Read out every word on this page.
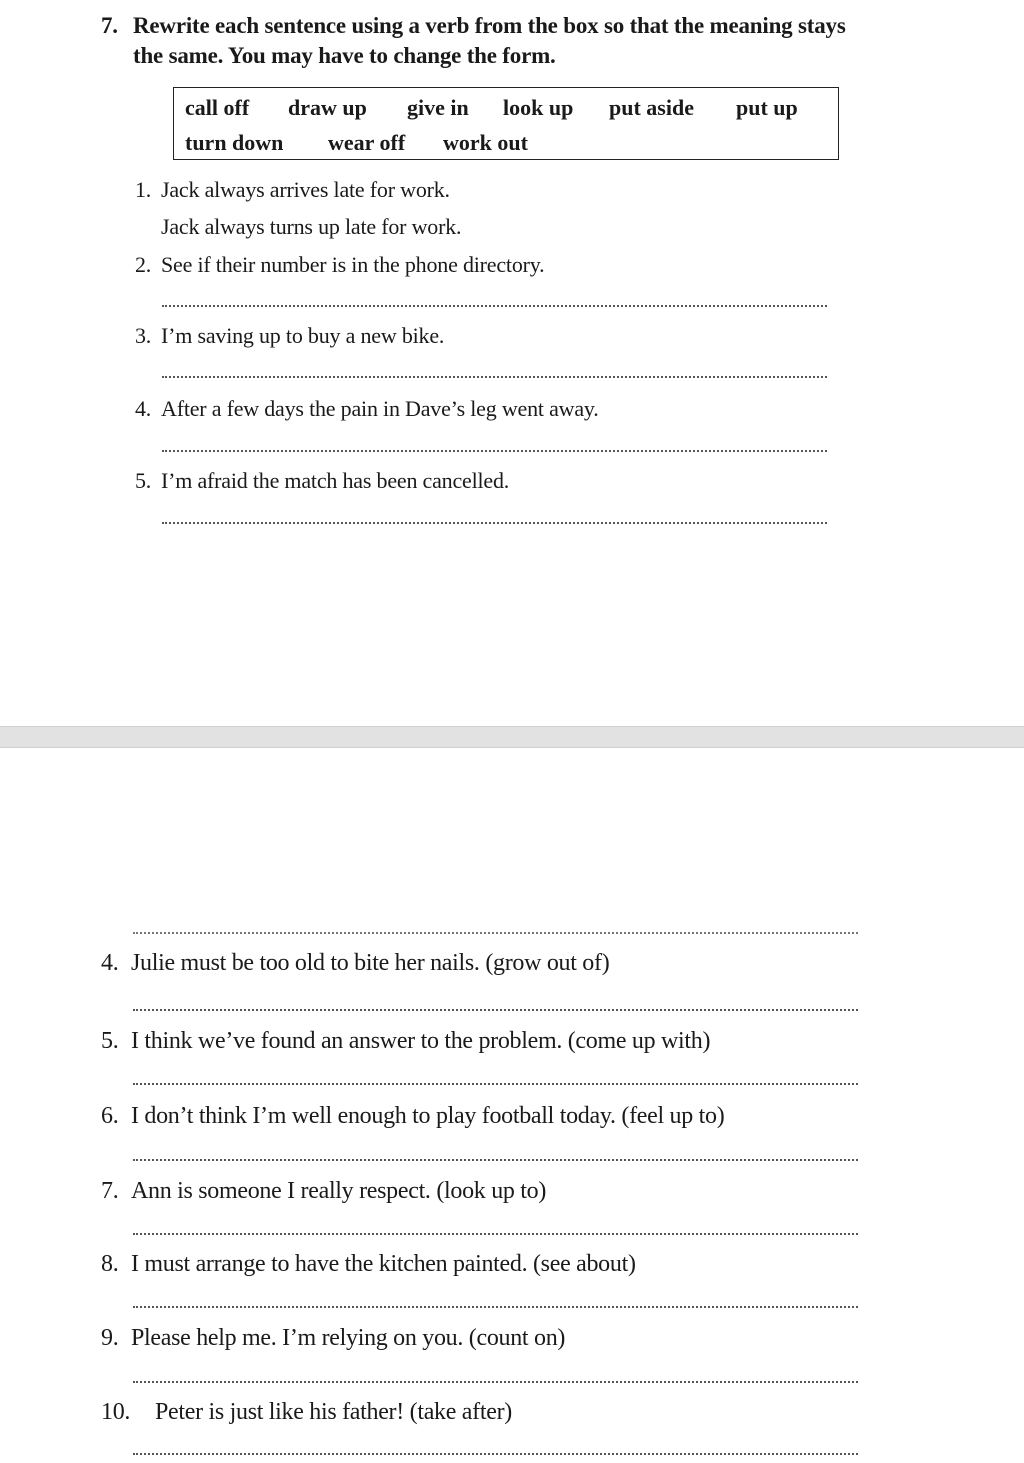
7. Rewrite each sentence using a verb from the box so that the meaning stays
the same. You may have to change the form.
call off draw up give in look up put aside put up
turn down wear off work out
1. Jack always arrives late for work.
Jack always turns up late for work.
2. See if their number is in the phone directory.
3. I’m saving up to buy a new bike.
4. After a few days the pain in Dave’s leg went away.
5. I’m afraid the match has been cancelled.
4. Julie must be too old to bite her nails. (grow out of)
5. I think we’ve found an answer to the problem. (come up with)
6. I don’t think I’m well enough to play football today. (feel up to)
7. Ann is someone I really respect. (look up to)
8. I must arrange to have the kitchen painted. (see about)
9. Please help me. I’m relying on you. (count on)
10. Peter is just like his father! (take after)
